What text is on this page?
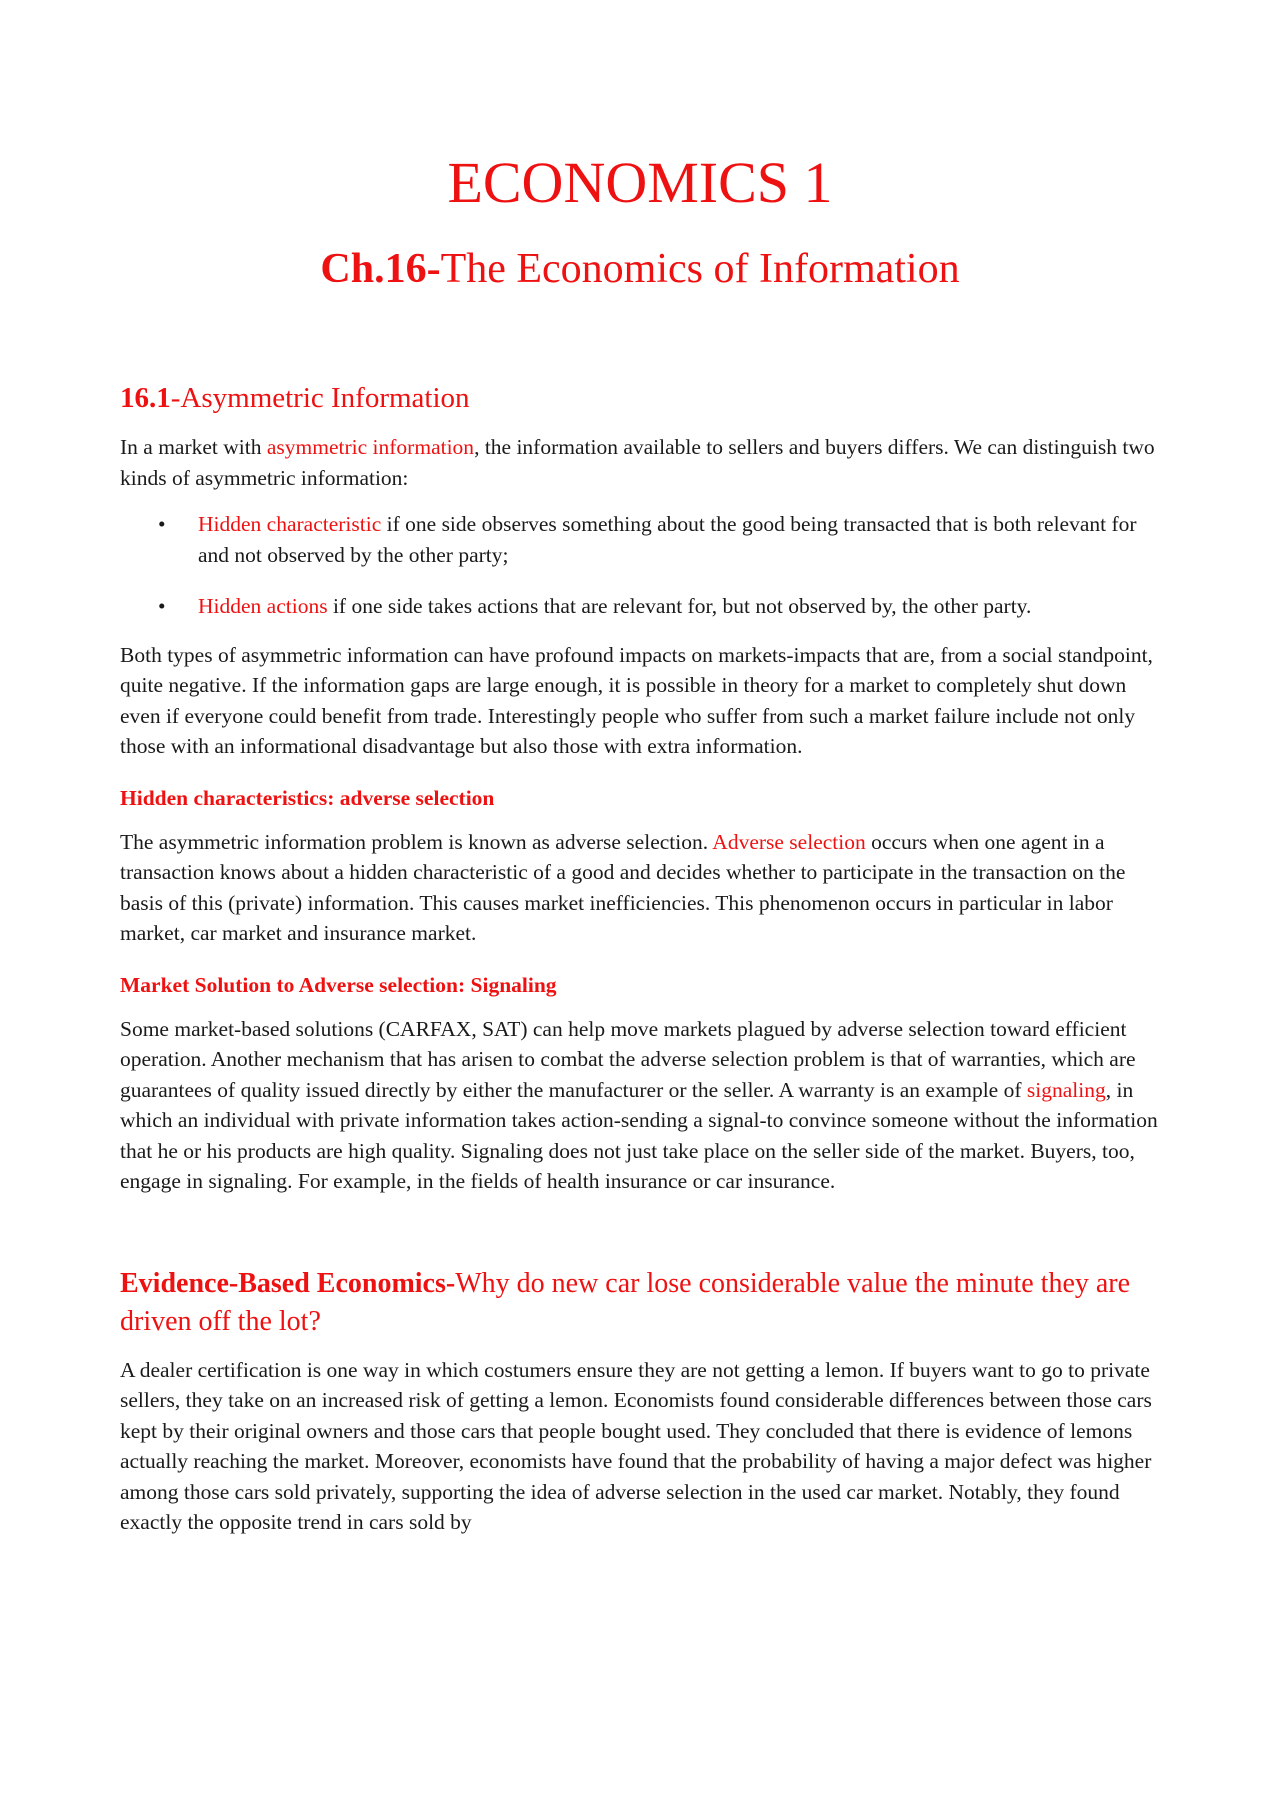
ECONOMICS 1
Ch.16-The Economics of Information
16.1-Asymmetric Information

In a market with asymmetric information, the information available to sellers and buyers differs. We can distinguish two kinds of asymmetric information:

• Hidden characteristic if one side observes something about the good being transacted that is both relevant for and not observed by the other party;
• Hidden actions if one side takes actions that are relevant for, but not observed by, the other party.

Both types of asymmetric information can have profound impacts on markets-impacts that are, from a social standpoint, quite negative. If the information gaps are large enough, it is possible in theory for a market to completely shut down even if everyone could benefit from trade. Interestingly people who suffer from such a market failure include not only those with an informational disadvantage but also those with extra information.

Hidden characteristics: adverse selection

The asymmetric information problem is known as adverse selection. Adverse selection occurs when one agent in a transaction knows about a hidden characteristic of a good and decides whether to participate in the transaction on the basis of this (private) information. This causes market inefficiencies. This phenomenon occurs in particular in labor market, car market and insurance market.

Market Solution to Adverse selection: Signaling

Some market-based solutions (CARFAX, SAT) can help move markets plagued by adverse selection toward efficient operation. Another mechanism that has arisen to combat the adverse selection problem is that of warranties, which are guarantees of quality issued directly by either the manufacturer or the seller. A warranty is an example of signaling, in which an individual with private information takes action-sending a signal-to convince someone without the information that he or his products are high quality. Signaling does not just take place on the seller side of the market. Buyers, too, engage in signaling. For example, in the fields of health insurance or car insurance.

Evidence-Based Economics-Why do new car lose considerable value the minute they are driven off the lot?

A dealer certification is one way in which costumers ensure they are not getting a lemon. If buyers want to go to private sellers, they take on an increased risk of getting a lemon. Economists found considerable differences between those cars kept by their original owners and those cars that people bought used. They concluded that there is evidence of lemons actually reaching the market. Moreover, economists have found that the probability of having a major defect was higher among those cars sold privately, supporting the idea of adverse selection in the used car market. Notably, they found exactly the opposite trend in cars sold by
